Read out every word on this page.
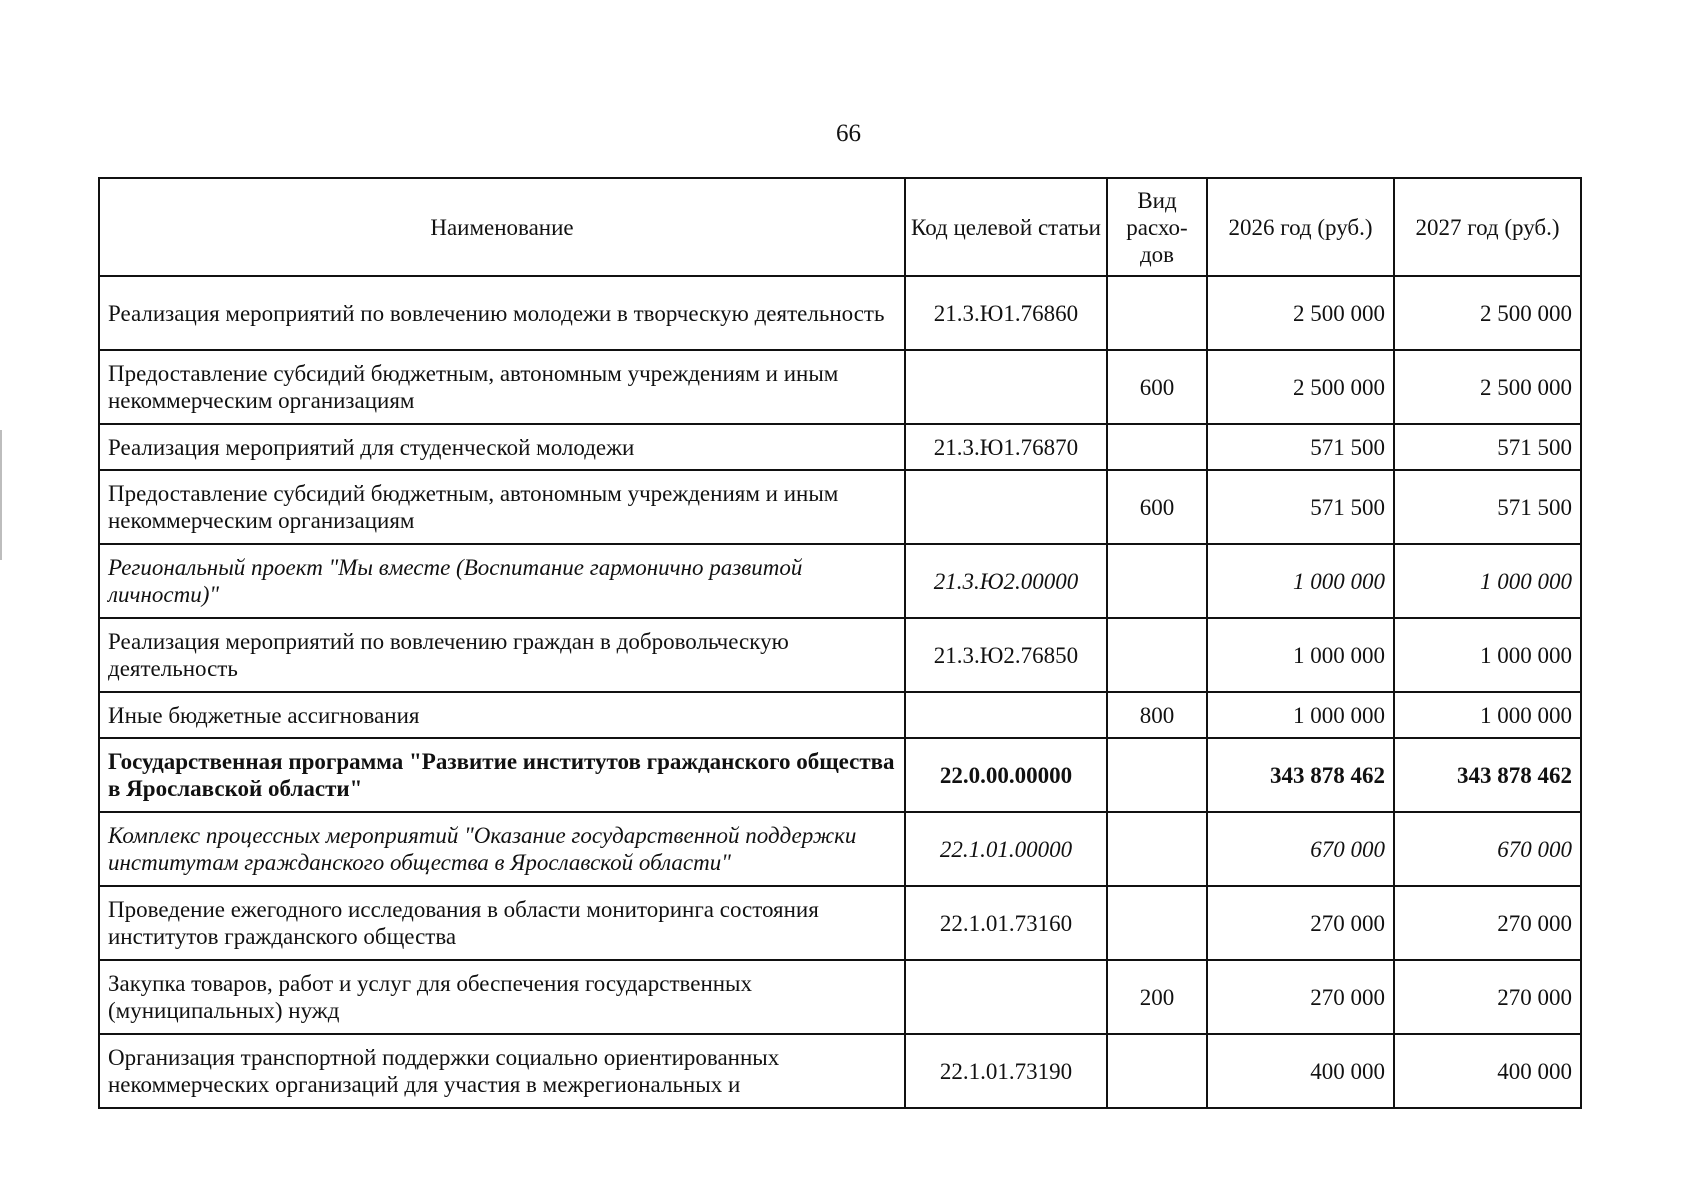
66
Наименование	Код целевой статьи	Вид расхо-дов	2026 год (руб.)	2027 год (руб.)
Реализация мероприятий по вовлечению молодежи в творческую деятельность	21.3.Ю1.76860		2 500 000	2 500 000
Предоставление субсидий бюджетным, автономным учреждениям и иным некоммерческим организациям		600	2 500 000	2 500 000
Реализация мероприятий для студенческой молодежи	21.3.Ю1.76870		571 500	571 500
Предоставление субсидий бюджетным, автономным учреждениям и иным некоммерческим организациям		600	571 500	571 500
Региональный проект "Мы вместе (Воспитание гармонично развитой личности)"	21.3.Ю2.00000		1 000 000	1 000 000
Реализация мероприятий по вовлечению граждан в добровольческую деятельность	21.3.Ю2.76850		1 000 000	1 000 000
Иные бюджетные ассигнования		800	1 000 000	1 000 000
Государственная программа "Развитие институтов гражданского общества в Ярославской области"	22.0.00.00000		343 878 462	343 878 462
Комплекс процессных мероприятий "Оказание государственной поддержки институтам гражданского общества в Ярославской области"	22.1.01.00000		670 000	670 000
Проведение ежегодного исследования в области мониторинга состояния институтов гражданского общества	22.1.01.73160		270 000	270 000
Закупка товаров, работ и услуг для обеспечения государственных (муниципальных) нужд		200	270 000	270 000
Организация транспортной поддержки социально ориентированных некоммерческих организаций для участия в межрегиональных и	22.1.01.73190		400 000	400 000
